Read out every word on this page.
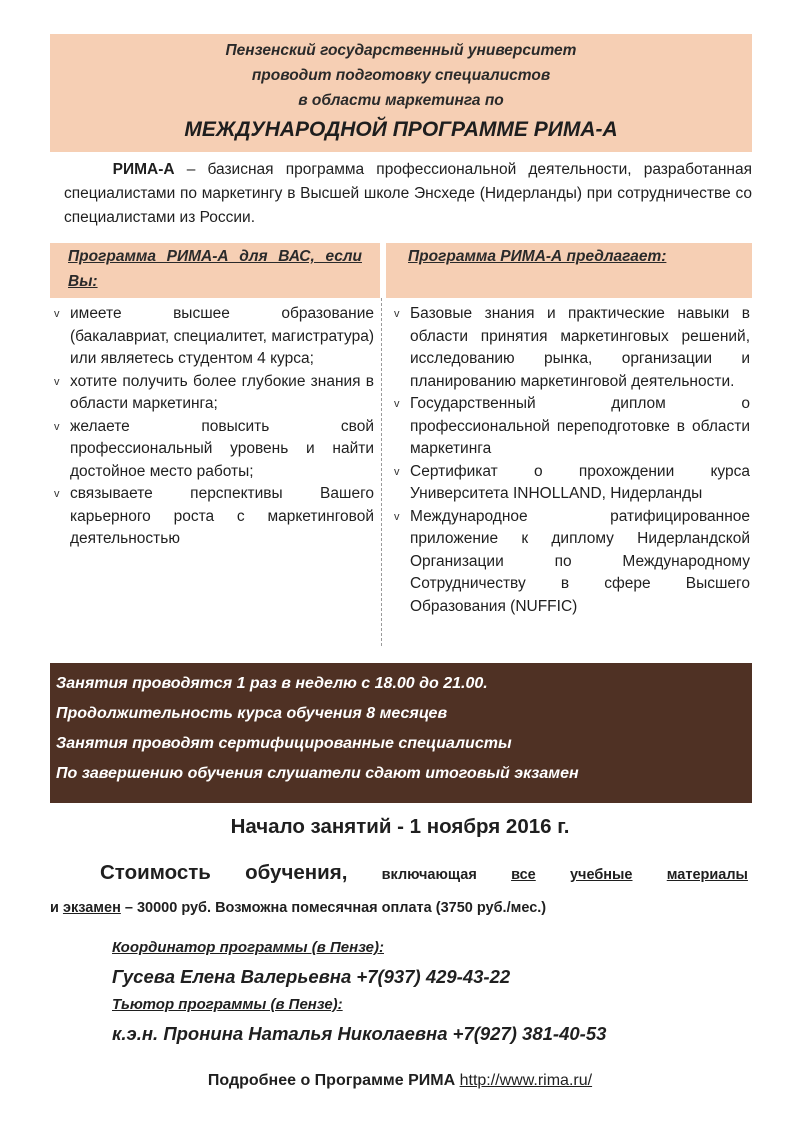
Пензенский государственный университет
проводит подготовку специалистов
в области маркетинга по
МЕЖДУНАРОДНОЙ ПРОГРАММЕ РИМА-А
РИМА-А – базисная программа профессиональной деятельности, разработанная специалистами по маркетингу в Высшей школе Энсхеде (Нидерланды) при сотрудничестве со специалистами из России.
Программа РИМА-А для ВАС, если Вы:
Программа РИМА-А предлагает:
v имеете высшее образование (бакалавриат, специалитет, магистратура) или являетесь студентом 4 курса;
v хотите получить более глубокие знания в области маркетинга;
v желаете повысить свой профессиональный уровень и найти достойное место работы;
v связываете перспективы Вашего карьерного роста с маркетинговой деятельностью
v Базовые знания и практические навыки в области принятия маркетинговых решений, исследованию рынка, организации и планированию маркетинговой деятельности.
v Государственный диплом о профессиональной переподготовке в области маркетинга
v Сертификат о прохождении курса Университета INHOLLAND, Нидерланды
v Международное ратифицированное приложение к диплому Нидерландской Организации по Международному Сотрудничеству в сфере Высшего Образования (NUFFIC)
Занятия проводятся 1 раз в неделю с 18.00 до 21.00.
Продолжительность курса обучения 8 месяцев
Занятия проводят сертифицированные специалисты
По завершению обучения слушатели сдают итоговый экзамен
Начало занятий - 1 ноября 2016 г.
Стоимость обучения, включающая все учебные материалы
и экзамен – 30000 руб. Возможна помесячная оплата (3750 руб./мес.)
Координатор программы (в Пензе):
Гусева Елена Валерьевна +7(937) 429-43-22
Тьютор программы (в Пензе):
к.э.н. Пронина Наталья Николаевна +7(927) 381-40-53
Подробнее о Программе РИМА http://www.rima.ru/
